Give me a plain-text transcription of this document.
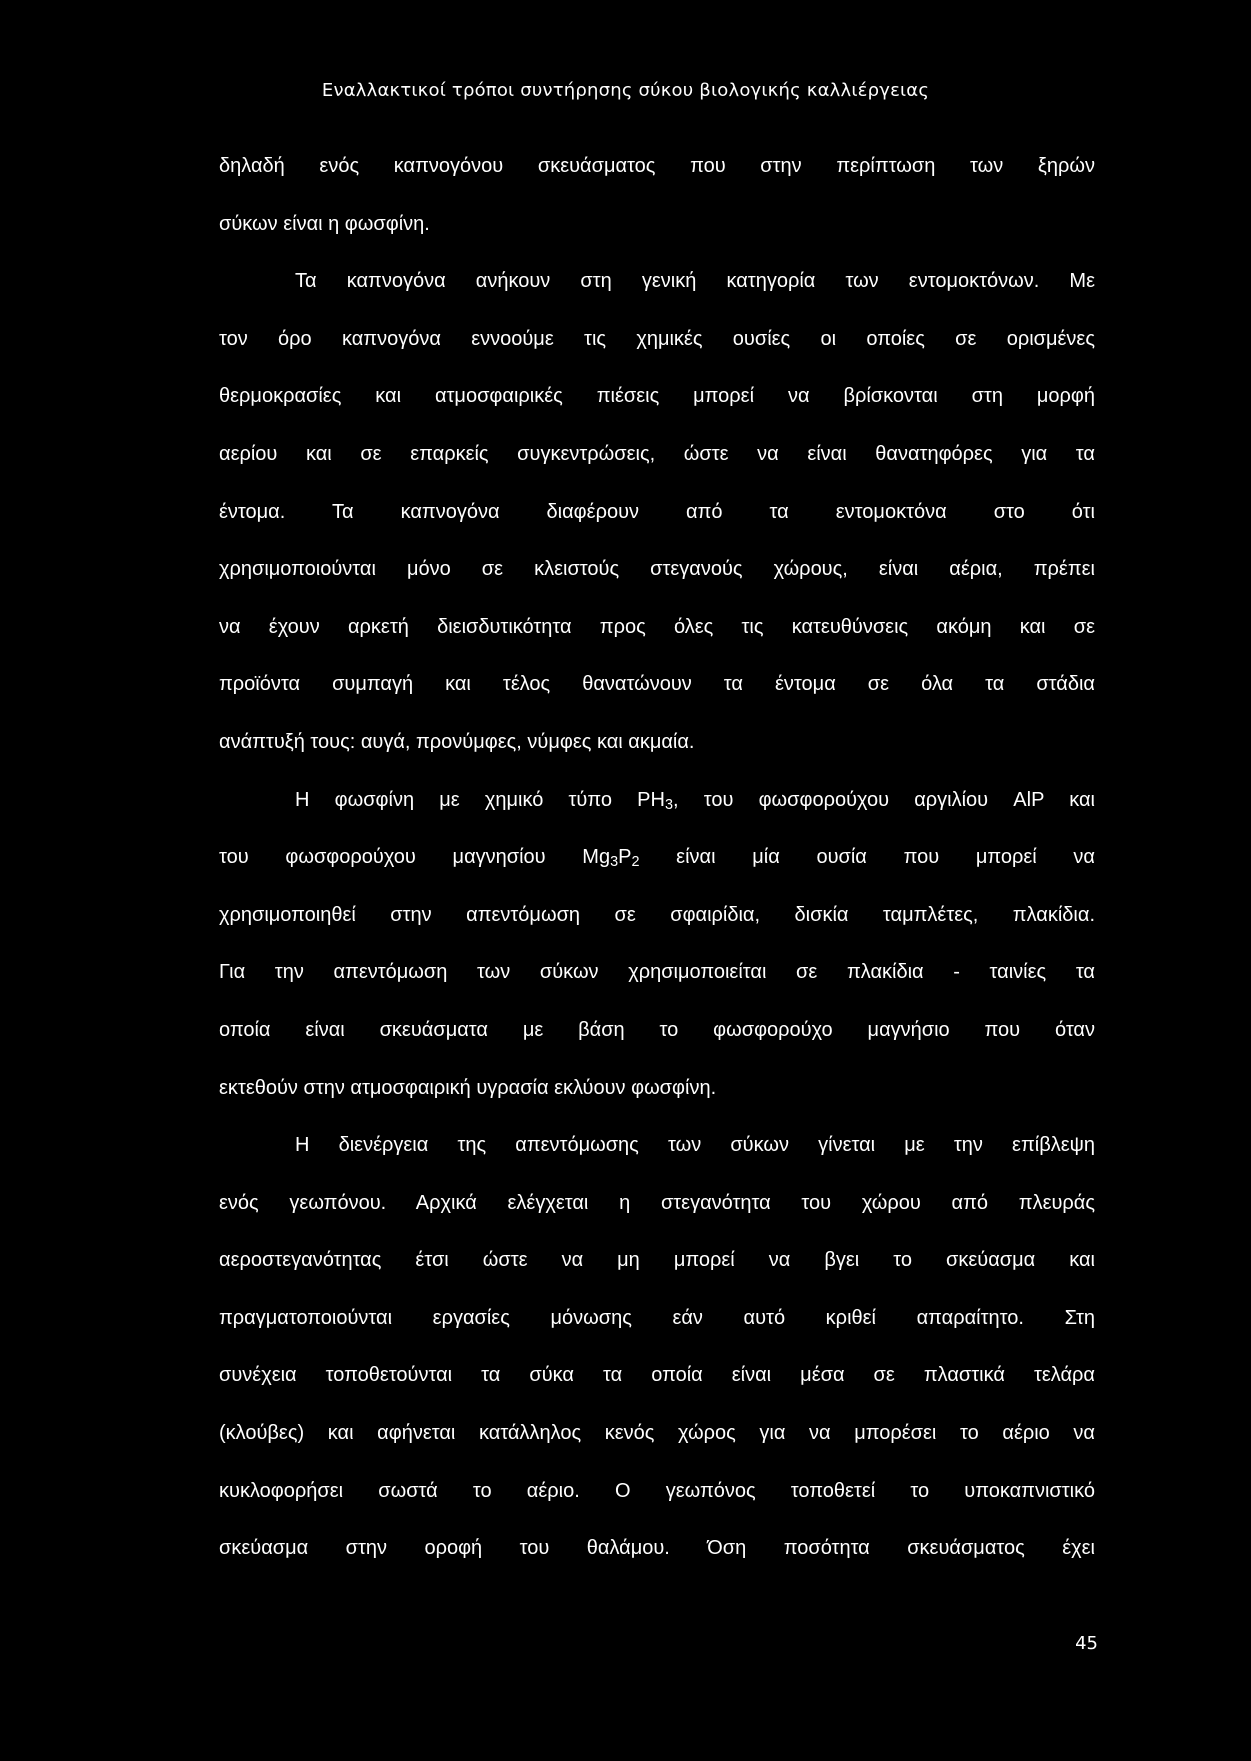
Εναλλακτικοί τρόποι συντήρησης σύκου βιολογικής καλλιέργειας

δηλαδή ενός καπνογόνου σκευάσματος που στην περίπτωση των ξηρών
σύκων είναι η φωσφίνη.

Τα καπνογόνα ανήκουν στη γενική κατηγορία των εντομοκτόνων. Με
τον όρο καπνογόνα εννοούμε τις χημικές ουσίες οι οποίες σε ορισμένες
θερμοκρασίες και ατμοσφαιρικές πιέσεις μπορεί να βρίσκονται στη μορφή
αερίου και σε επαρκείς συγκεντρώσεις, ώστε να είναι θανατηφόρες για τα
έντομα. Τα καπνογόνα διαφέρουν από τα εντομοκτόνα στο ότι
χρησιμοποιούνται μόνο σε κλειστούς στεγανούς χώρους, είναι αέρια, πρέπει
να έχουν αρκετή διεισδυτικότητα προς όλες τις κατευθύνσεις ακόμη και σε
προϊόντα συμπαγή και τέλος θανατώνουν τα έντομα σε όλα τα στάδια
ανάπτυξή τους: αυγά, προνύμφες, νύμφες και ακμαία.

Η φωσφίνη με χημικό τύπο $PH_3$, του φωσφορούχου αργιλίου AlP και
του φωσφορούχου μαγνησίου $Mg_3P_2$ είναι μία ουσία που μπορεί να
χρησιμοποιηθεί στην απεντόμωση σε σφαιρίδια, δισκία ταμπλέτες, πλακίδια.
Για την απεντόμωση των σύκων χρησιμοποιείται σε πλακίδια - ταινίες τα
οποία είναι σκευάσματα με βάση το φωσφορούχο μαγνήσιο που όταν
εκτεθούν στην ατμοσφαιρική υγρασία εκλύουν φωσφίνη.

Η διενέργεια της απεντόμωσης των σύκων γίνεται με την επίβλεψη
ενός γεωπόνου. Αρχικά ελέγχεται η στεγανότητα του χώρου από πλευράς
αεροστεγανότητας έτσι ώστε να μη μπορεί να βγει το σκεύασμα και
πραγματοποιούνται εργασίες μόνωσης εάν αυτό κριθεί απαραίτητο. Στη
συνέχεια τοποθετούνται τα σύκα τα οποία είναι μέσα σε πλαστικά τελάρα
(κλούβες) και αφήνεται κατάλληλος κενός χώρος για να μπορέσει το αέριο να
κυκλοφορήσει σωστά το αέριο. Ο γεωπόνος τοποθετεί το υποκαπνιστικό
σκεύασμα στην οροφή του θαλάμου. Όση ποσότητα σκευάσματος έχει

45
